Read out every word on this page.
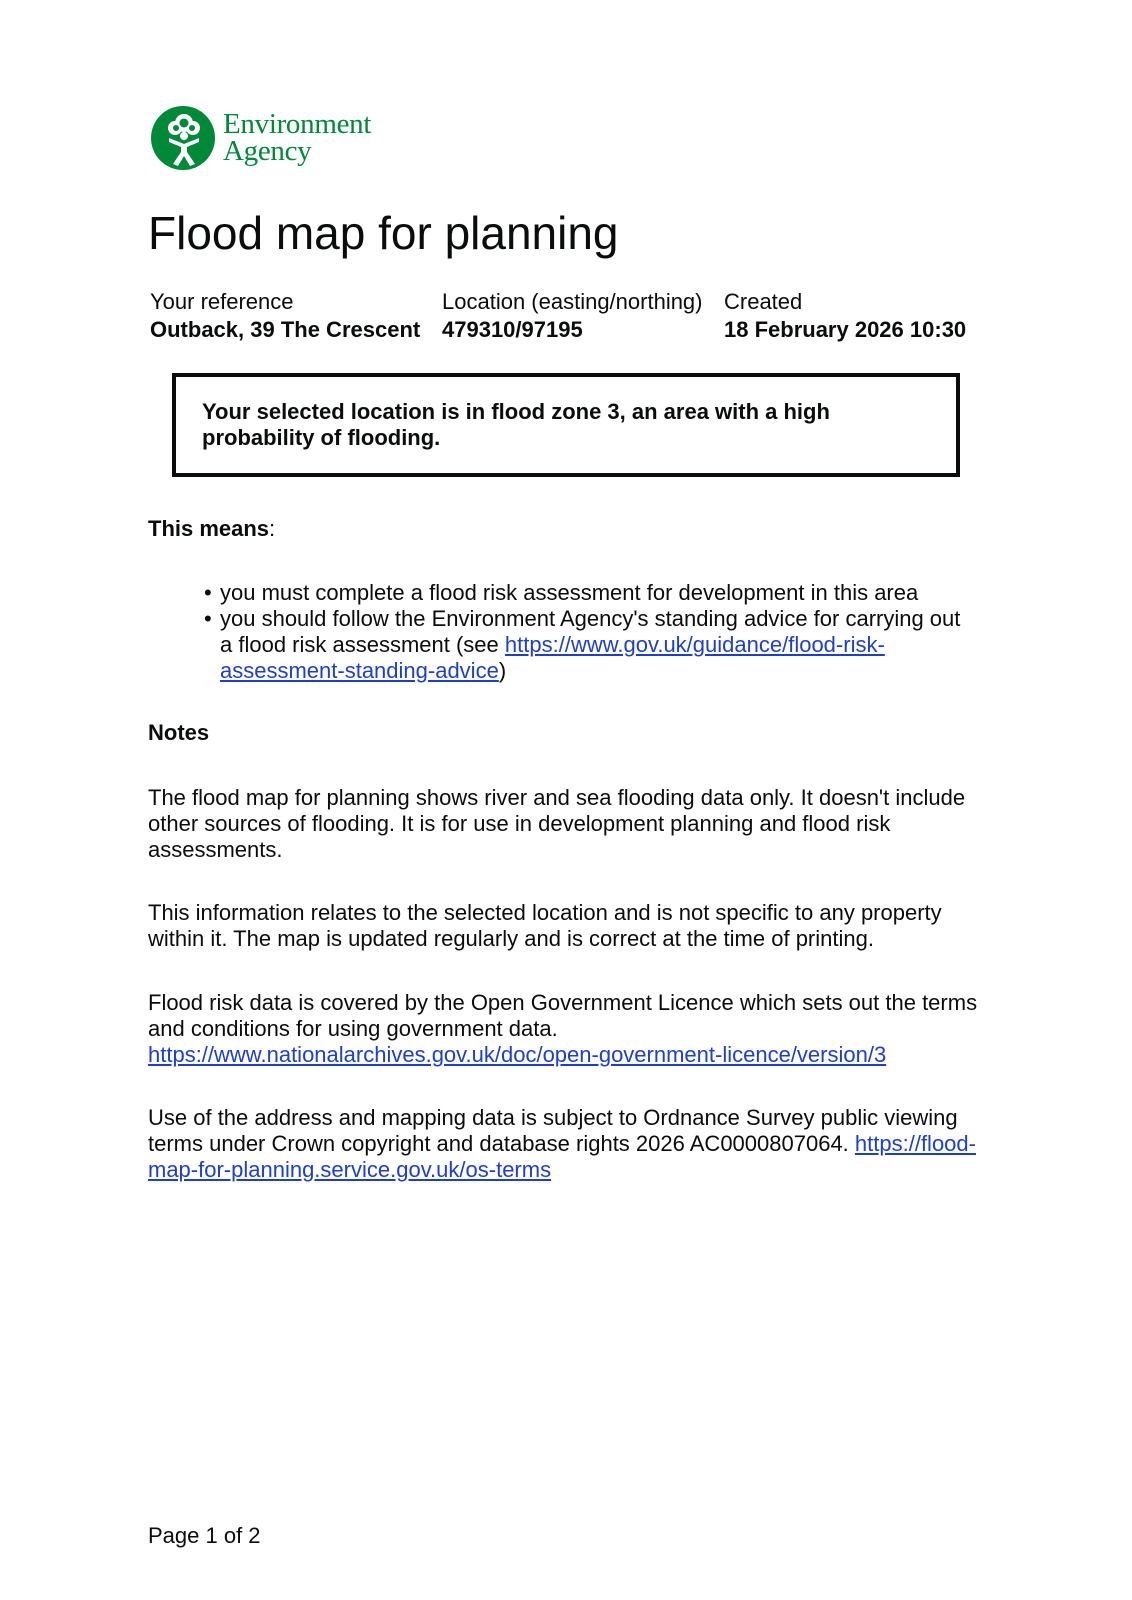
Environment
Agency
Flood map for planning
Your reference
Outback, 39 The Crescent
Location (easting/northing)
479310/97195
Created
18 February 2026 10:30
Your selected location is in flood zone 3, an area with a high probability of flooding.
This means:
• you must complete a flood risk assessment for development in this area
• you should follow the Environment Agency's standing advice for carrying out a flood risk assessment (see https://www.gov.uk/guidance/flood-risk-assessment-standing-advice)
Notes

The flood map for planning shows river and sea flooding data only. It doesn't include other sources of flooding. It is for use in development planning and flood risk assessments.

This information relates to the selected location and is not specific to any property within it. The map is updated regularly and is correct at the time of printing.

Flood risk data is covered by the Open Government Licence which sets out the terms and conditions for using government data. https://www.nationalarchives.gov.uk/doc/open-government-licence/version/3

Use of the address and mapping data is subject to Ordnance Survey public viewing terms under Crown copyright and database rights 2026 AC0000807064. https://flood-map-for-planning.service.gov.uk/os-terms

Page 1 of 2
